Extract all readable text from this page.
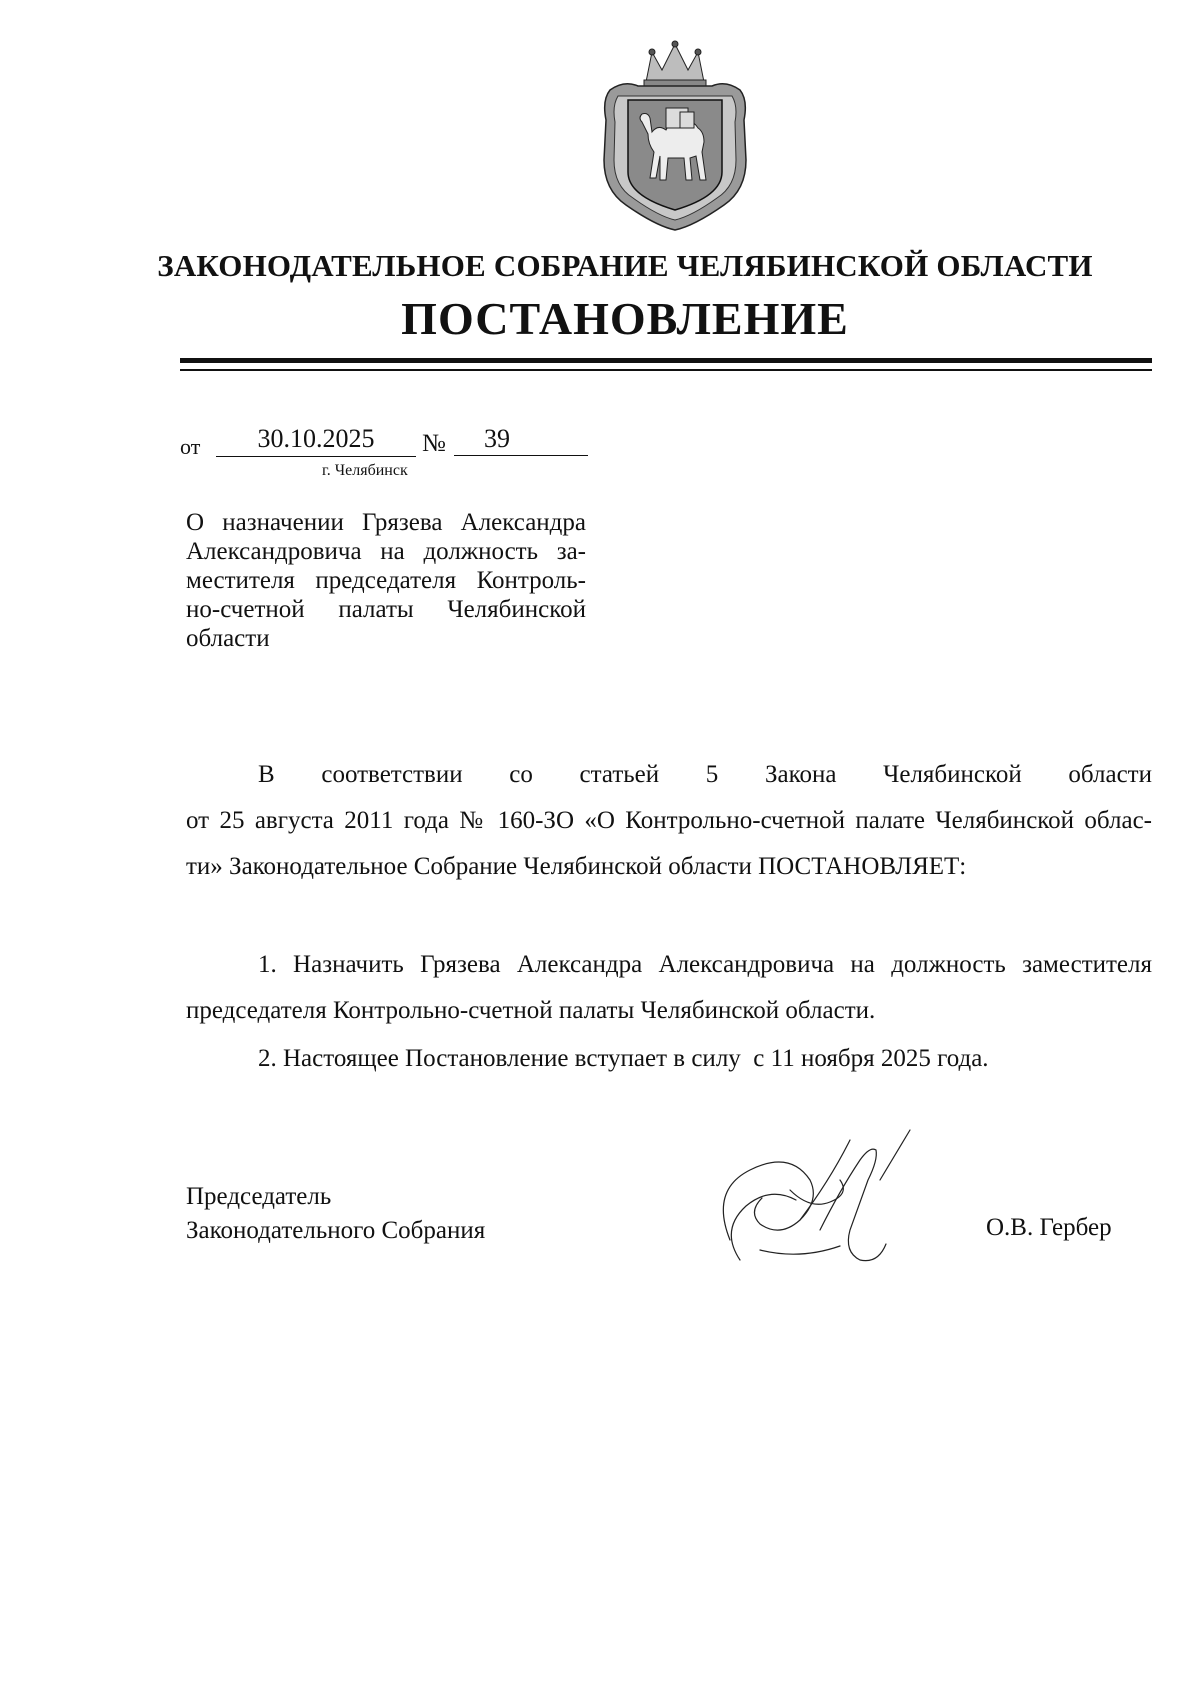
ЗАКОНОДАТЕЛЬНОЕ СОБРАНИЕ ЧЕЛЯБИНСКОЙ ОБЛАСТИ
ПОСТАНОВЛЕНИЕ
от	30.10.2025	№	39
г. Челябинск
О назначении Грязева Александра
Александровича на должность за-
местителя председателя Контроль-
но-счетной палаты Челябинской
области
В соответствии со статьей 5 Закона Челябинской области
от 25 августа 2011 года № 160-ЗО «О Контрольно-счетной палате Челябинской облас-
ти» Законодательное Собрание Челябинской области ПОСТАНОВЛЯЕТ:
1. Назначить Грязева Александра Александровича на должность заместителя
председателя Контрольно-счетной палаты Челябинской области.
2. Настоящее Постановление вступает в силу  с 11 ноября 2025 года.
Председатель
Законодательного Собрания	О.В. Гербер
